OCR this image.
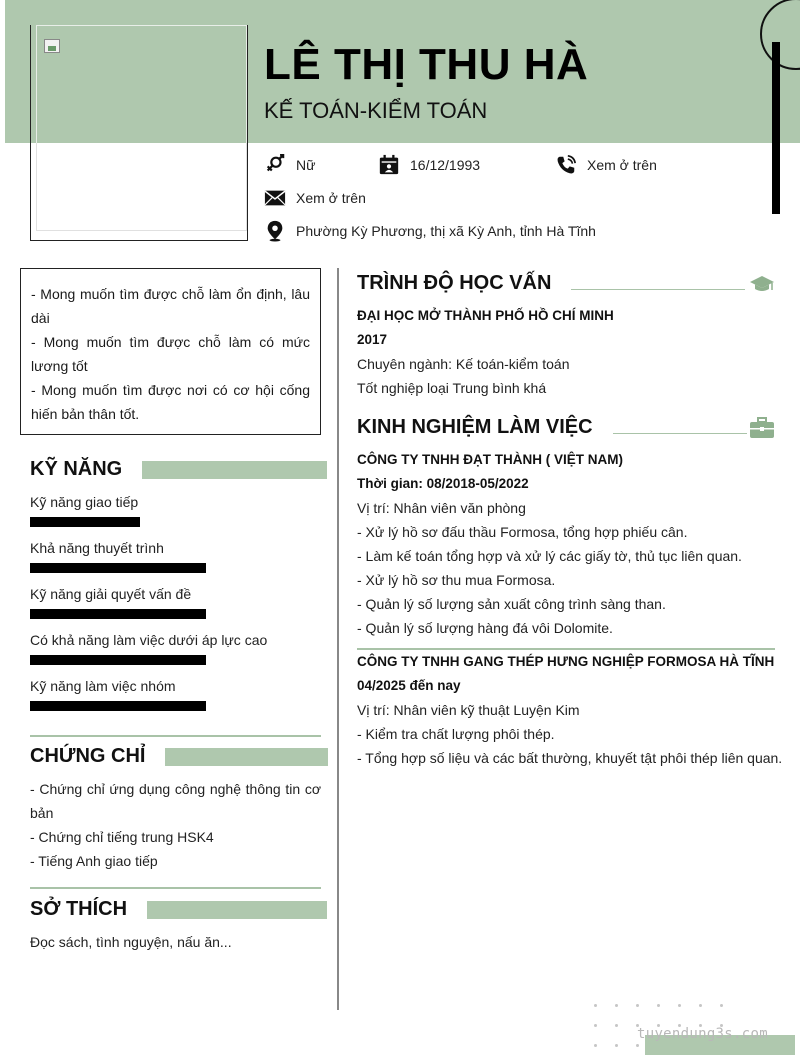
LÊ THỊ THU HÀ
KẾ TOÁN-KIỂM TOÁN
Nữ	16/12/1993	Xem ở trên
Xem ở trên
Phường Kỳ Phương, thị xã Kỳ Anh, tỉnh Hà Tĩnh

- Mong muốn tìm được chỗ làm ổn định, lâu dài

- Mong muốn tìm được chỗ làm có mức lương tốt

- Mong muốn tìm được nơi có cơ hội cống hiến bản thân tốt.

KỸ NĂNG
Kỹ năng giao tiếp
Khả năng thuyết trình
Kỹ năng giải quyết vấn đề
Có khả năng làm việc dưới áp lực cao
Kỹ năng làm việc nhóm
CHỨNG CHỈ
- Chứng chỉ ứng dụng công nghệ thông tin cơ bản
- Chứng chỉ tiếng trung HSK4
- Tiếng Anh giao tiếp
SỞ THÍCH
Đọc sách, tình nguyện, nấu ăn...
TRÌNH ĐỘ HỌC VẤN
ĐẠI HỌC MỞ THÀNH PHỐ HỒ CHÍ MINH
2017
Chuyên ngành: Kế toán-kiểm toán
Tốt nghiệp loại Trung bình khá
KINH NGHIỆM LÀM VIỆC
CÔNG TY TNHH ĐẠT THÀNH ( VIỆT NAM)
Thời gian: 08/2018-05/2022
Vị trí: Nhân viên văn phòng
- Xử lý hồ sơ đấu thầu Formosa, tổng hợp phiếu cân.
- Làm kế toán tổng hợp và xử lý các giấy tờ, thủ tục liên quan.
- Xử lý hồ sơ thu mua Formosa.
- Quản lý số lượng sản xuất công trình sàng than.
- Quản lý số lượng hàng đá vôi Dolomite.
CÔNG TY TNHH GANG THÉP HƯNG NGHIỆP FORMOSA HÀ TĨNH
04/2025 đến nay
Vị trí: Nhân viên kỹ thuật Luyện Kim
- Kiểm tra chất lượng phôi thép.
- Tổng hợp số liệu và các bất thường, khuyết tật phôi thép liên quan.
tuyendung3s.com
